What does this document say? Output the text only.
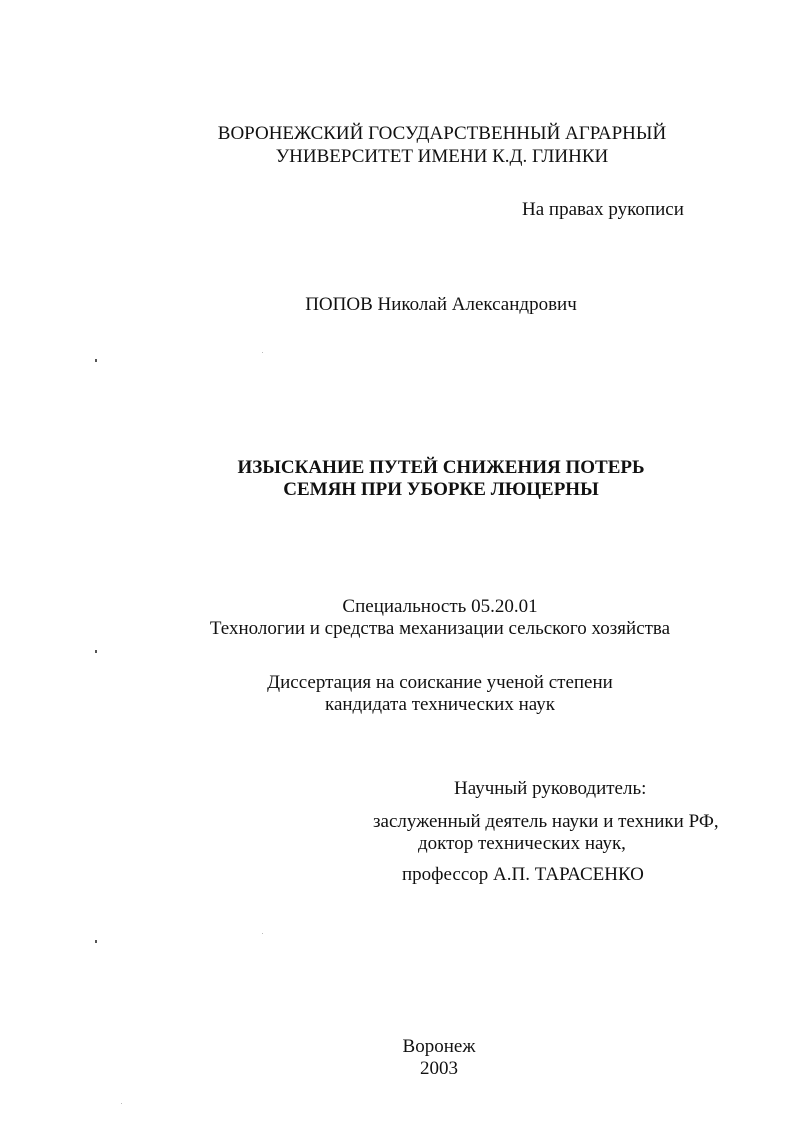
ВОРОНЕЖСКИЙ ГОСУДАРСТВЕННЫЙ АГРАРНЫЙ
УНИВЕРСИТЕТ ИМЕНИ К.Д. ГЛИНКИ
На правах рукописи
ПОПОВ Николай Александрович
ИЗЫСКАНИЕ ПУТЕЙ СНИЖЕНИЯ ПОТЕРЬ
СЕМЯН ПРИ УБОРКЕ ЛЮЦЕРНЫ
Специальность 05.20.01
Технологии и средства механизации сельского хозяйства
Диссертация на соискание ученой степени
кандидата технических наук
Научный руководитель:
заслуженный деятель науки и техники РФ,
доктор технических наук,
профессор А.П. ТАРАСЕНКО
Воронеж
2003
